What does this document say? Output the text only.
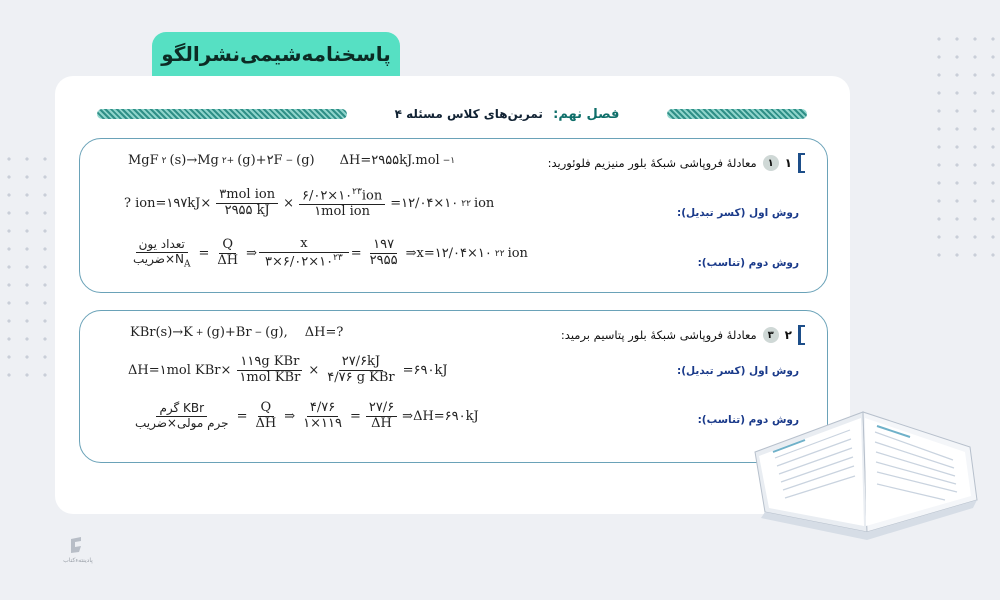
پاسخنامه‌شیمی‌نشرالگو
فصل نهم: تمرین‌های کلاس مسئله ۴
۱
۱
معادلهٔ فروپاشی شبکهٔ بلور منیزیم فلوئورید:
MgF ۲ (s)→Mg ۲+ (g)+۲F − (g) ΔH=۲۹۵۵kJ.mol −۱
روش اول (کسر تبدیل):
? ion=۱۹۷kJ× $\frac{\text{۳mol ion}}{۲۹۵۵ kJ} \times \frac{۶/۰۲\times ۱۰^{۲۳}ion}{\text{۱mol ion}}$ =۱۲/۰۴×۱۰ ۲۲ ion
روش دوم (تناسب):
$\frac{\text{تعداد یون}}{ضریب\times N_A} = \frac{Q}{\Delta H}$ ⇒ $\frac{x}{۳\times ۶/۰۲\times ۱۰^{۲۳}} = \frac{۱۹۷}{۲۹۵۵}$ ⇒x=۱۲/۰۴×۱۰ ۲۲ ion
۲
۳
معادلهٔ فروپاشی شبکهٔ بلور پتاسیم برمید:
KBr(s)→K + (g)+Br − (g), ΔH=?
روش اول (کسر تبدیل):
ΔH=۱mol $KBr\times \frac{\text{۱۱۹g KBr}}{\text{۱mol KBr}} \times \frac{۲۷/۶kJ}{\text{۴/۷۶ g KBr}}$ =۶۹۰kJ
روش دوم (تناسب):
$\frac{\text{گرم KBr}}{\text{جرم مولی×ضریب}} = \frac{Q}{\Delta H}$ ⇒ $\frac{۴/۷۶}{۱\times ۱۱۹} = \frac{۲۷/۶}{\Delta H}$ ⇒ΔH=۶۹۰kJ
پادینتهء‌کتاب
